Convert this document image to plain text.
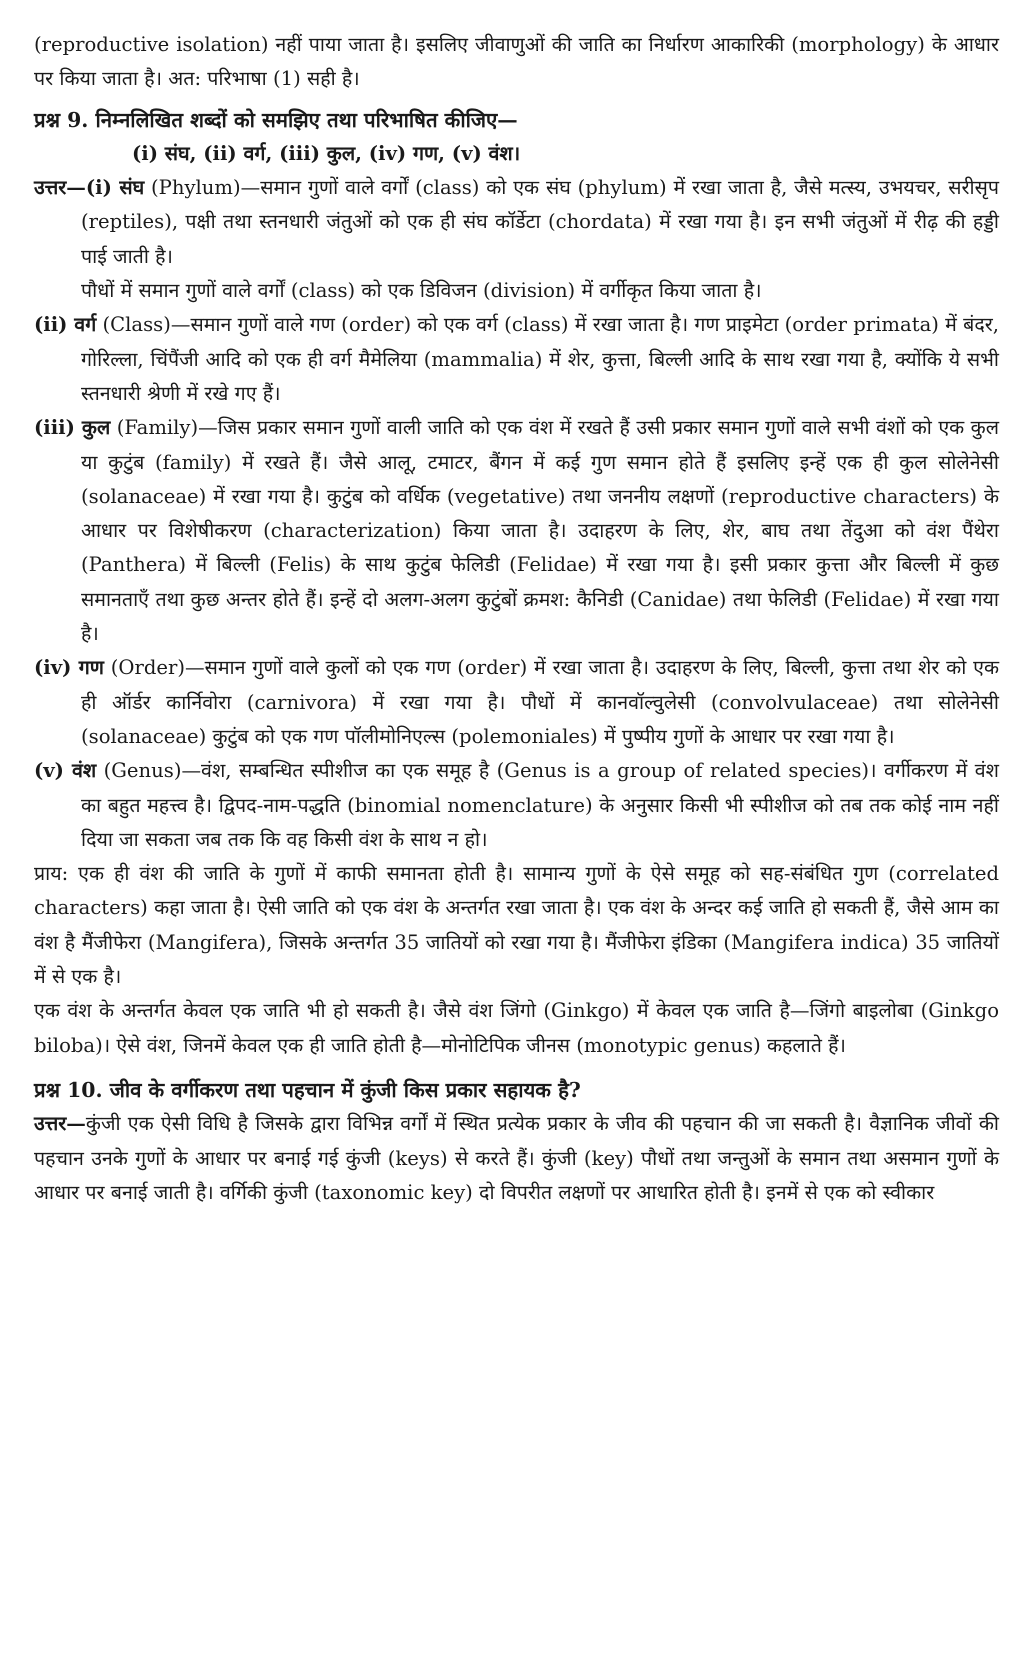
(reproductive isolation) नहीं पाया जाता है। इसलिए जीवाणुओं की जाति का निर्धारण आकारिकी (morphology) के आधार पर किया जाता है। अत: परिभाषा (1) सही है।

प्रश्न 9. निम्नलिखित शब्दों को समझिए तथा परिभाषित कीजिए—

(i) संघ, (ii) वर्ग, (iii) कुल, (iv) गण, (v) वंश।

उत्तर—(i) संघ (Phylum)—समान गुणों वाले वर्गों (class) को एक संघ (phylum) में रखा जाता है, जैसे मत्स्य, उभयचर, सरीसृप (reptiles), पक्षी तथा स्तनधारी जंतुओं को एक ही संघ कॉर्डेटा (chordata) में रखा गया है। इन सभी जंतुओं में रीढ़ की हड्डी पाई जाती है।

पौधों में समान गुणों वाले वर्गों (class) को एक डिविजन (division) में वर्गीकृत किया जाता है।

(ii) वर्ग (Class)—समान गुणों वाले गण (order) को एक वर्ग (class) में रखा जाता है। गण प्राइमेटा (order primata) में बंदर, गोरिल्ला, चिंपैंजी आदि को एक ही वर्ग मैमेलिया (mammalia) में शेर, कुत्ता, बिल्ली आदि के साथ रखा गया है, क्योंकि ये सभी स्तनधारी श्रेणी में रखे गए हैं।

(iii) कुल (Family)—जिस प्रकार समान गुणों वाली जाति को एक वंश में रखते हैं उसी प्रकार समान गुणों वाले सभी वंशों को एक कुल या कुटुंब (family) में रखते हैं। जैसे आलू, टमाटर, बैंगन में कई गुण समान होते हैं इसलिए इन्हें एक ही कुल सोलेनेसी (solanaceae) में रखा गया है। कुटुंब को वर्धिक (vegetative) तथा जननीय लक्षणों (reproductive characters) के आधार पर विशेषीकरण (characterization) किया जाता है। उदाहरण के लिए, शेर, बाघ तथा तेंदुआ को वंश पैंथेरा (Panthera) में बिल्ली (Felis) के साथ कुटुंब फेलिडी (Felidae) में रखा गया है। इसी प्रकार कुत्ता और बिल्ली में कुछ समानताएँ तथा कुछ अन्तर होते हैं। इन्हें दो अलग-अलग कुटुंबों क्रमश: कैनिडी (Canidae) तथा फेलिडी (Felidae) में रखा गया है।

(iv) गण (Order)—समान गुणों वाले कुलों को एक गण (order) में रखा जाता है। उदाहरण के लिए, बिल्ली, कुत्ता तथा शेर को एक ही ऑर्डर कार्निवोरा (carnivora) में रखा गया है। पौधों में कानवॉल्वुलेसी (convolvulaceae) तथा सोलेनेसी (solanaceae) कुटुंब को एक गण पॉलीमोनिएल्स (polemoniales) में पुष्पीय गुणों के आधार पर रखा गया है।

(v) वंश (Genus)—वंश, सम्बन्धित स्पीशीज का एक समूह है (Genus is a group of related species)। वर्गीकरण में वंश का बहुत महत्त्व है। द्विपद-नाम-पद्धति (binomial nomenclature) के अनुसार किसी भी स्पीशीज को तब तक कोई नाम नहीं दिया जा सकता जब तक कि वह किसी वंश के साथ न हो।

प्राय: एक ही वंश की जाति के गुणों में काफी समानता होती है। सामान्य गुणों के ऐसे समूह को सह-संबंधित गुण (correlated characters) कहा जाता है। ऐसी जाति को एक वंश के अन्तर्गत रखा जाता है। एक वंश के अन्दर कई जाति हो सकती हैं, जैसे आम का वंश है मैंजीफेरा (Mangifera), जिसके अन्तर्गत 35 जातियों को रखा गया है। मैंजीफेरा इंडिका (Mangifera indica) 35 जातियों में से एक है।

एक वंश के अन्तर्गत केवल एक जाति भी हो सकती है। जैसे वंश जिंगो (Ginkgo) में केवल एक जाति है—जिंगो बाइलोबा (Ginkgo biloba)। ऐसे वंश, जिनमें केवल एक ही जाति होती है—मोनोटिपिक जीनस (monotypic genus) कहलाते हैं।

प्रश्न 10. जीव के वर्गीकरण तथा पहचान में कुंजी किस प्रकार सहायक है?

उत्तर—कुंजी एक ऐसी विधि है जिसके द्वारा विभिन्न वर्गों में स्थित प्रत्येक प्रकार के जीव की पहचान की जा सकती है। वैज्ञानिक जीवों की पहचान उनके गुणों के आधार पर बनाई गई कुंजी (keys) से करते हैं। कुंजी (key) पौधों तथा जन्तुओं के समान तथा असमान गुणों के आधार पर बनाई जाती है। वर्गिकी कुंजी (taxonomic key) दो विपरीत लक्षणों पर आधारित होती है। इनमें से एक को स्वीकार
